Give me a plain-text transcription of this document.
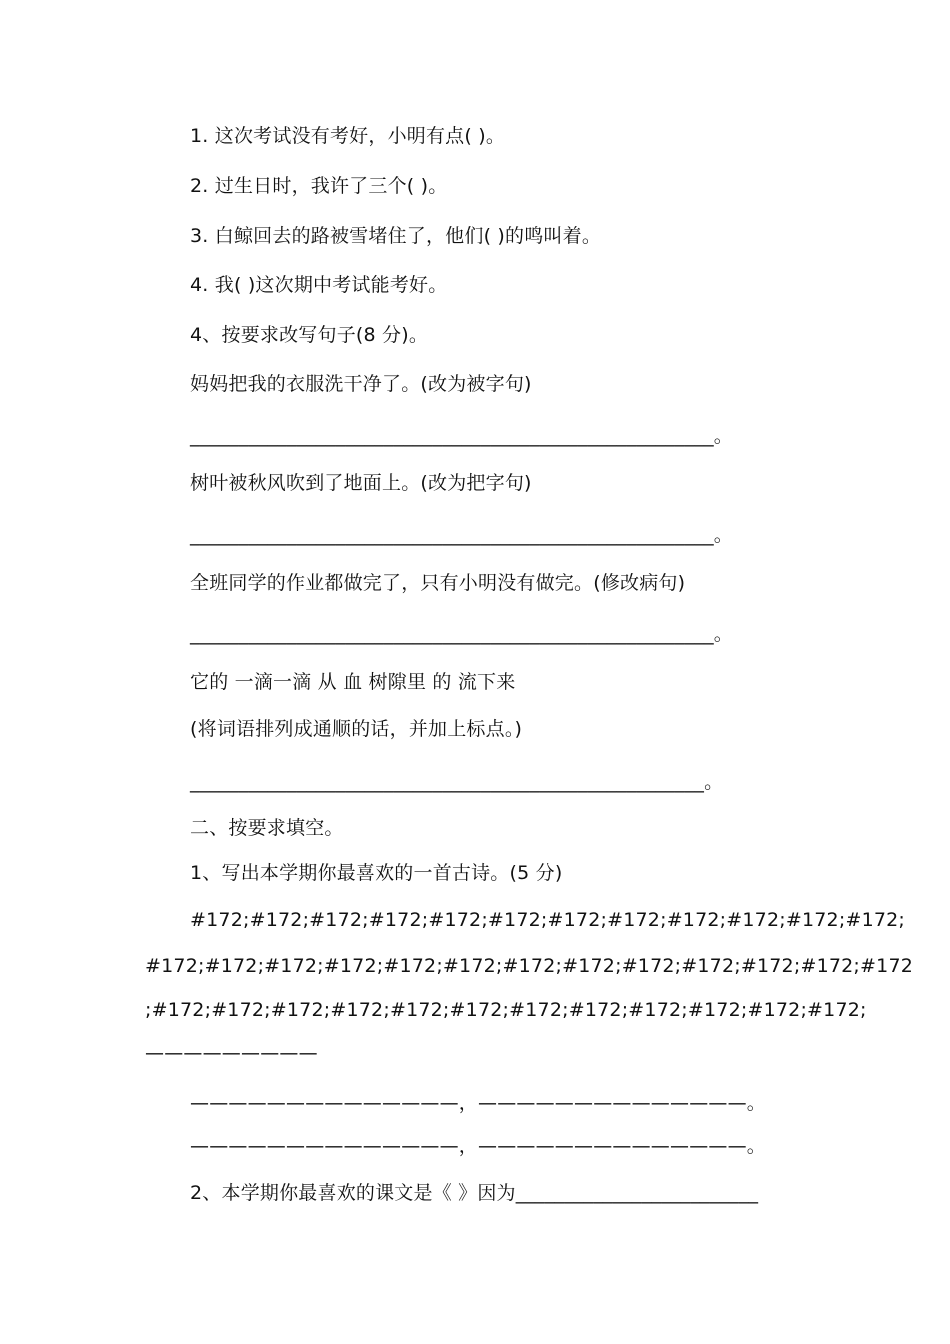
1. 这次考试没有考好，小明有点( )。
2. 过生日时，我许了三个( )。
3. 白鲸回去的路被雪堵住了，他们( )的鸣叫着。
4. 我( )这次期中考试能考好。
4、按要求改写句子(8 分)。
妈妈把我的衣服洗干净了。(改为被字句)
______________________________________________________。
树叶被秋风吹到了地面上。(改为把字句)
______________________________________________________。
全班同学的作业都做完了，只有小明没有做完。(修改病句)
______________________________________________________。
它的 一滴一滴 从 血 树隙里 的 流下来
(将词语排列成通顺的话，并加上标点。)
_____________________________________________________。
二、按要求填空。
1、写出本学期你最喜欢的一首古诗。(5 分)
#172;#172;#172;#172;#172;#172;#172;#172;#172;#172;#172;#172;
#172;#172;#172;#172;#172;#172;#172;#172;#172;#172;#172;#172;#172
;#172;#172;#172;#172;#172;#172;#172;#172;#172;#172;#172;#172;
—————————
——————————————，——————————————。
——————————————，——————————————。
2、本学期你最喜欢的课文是《 》因为_________________________
